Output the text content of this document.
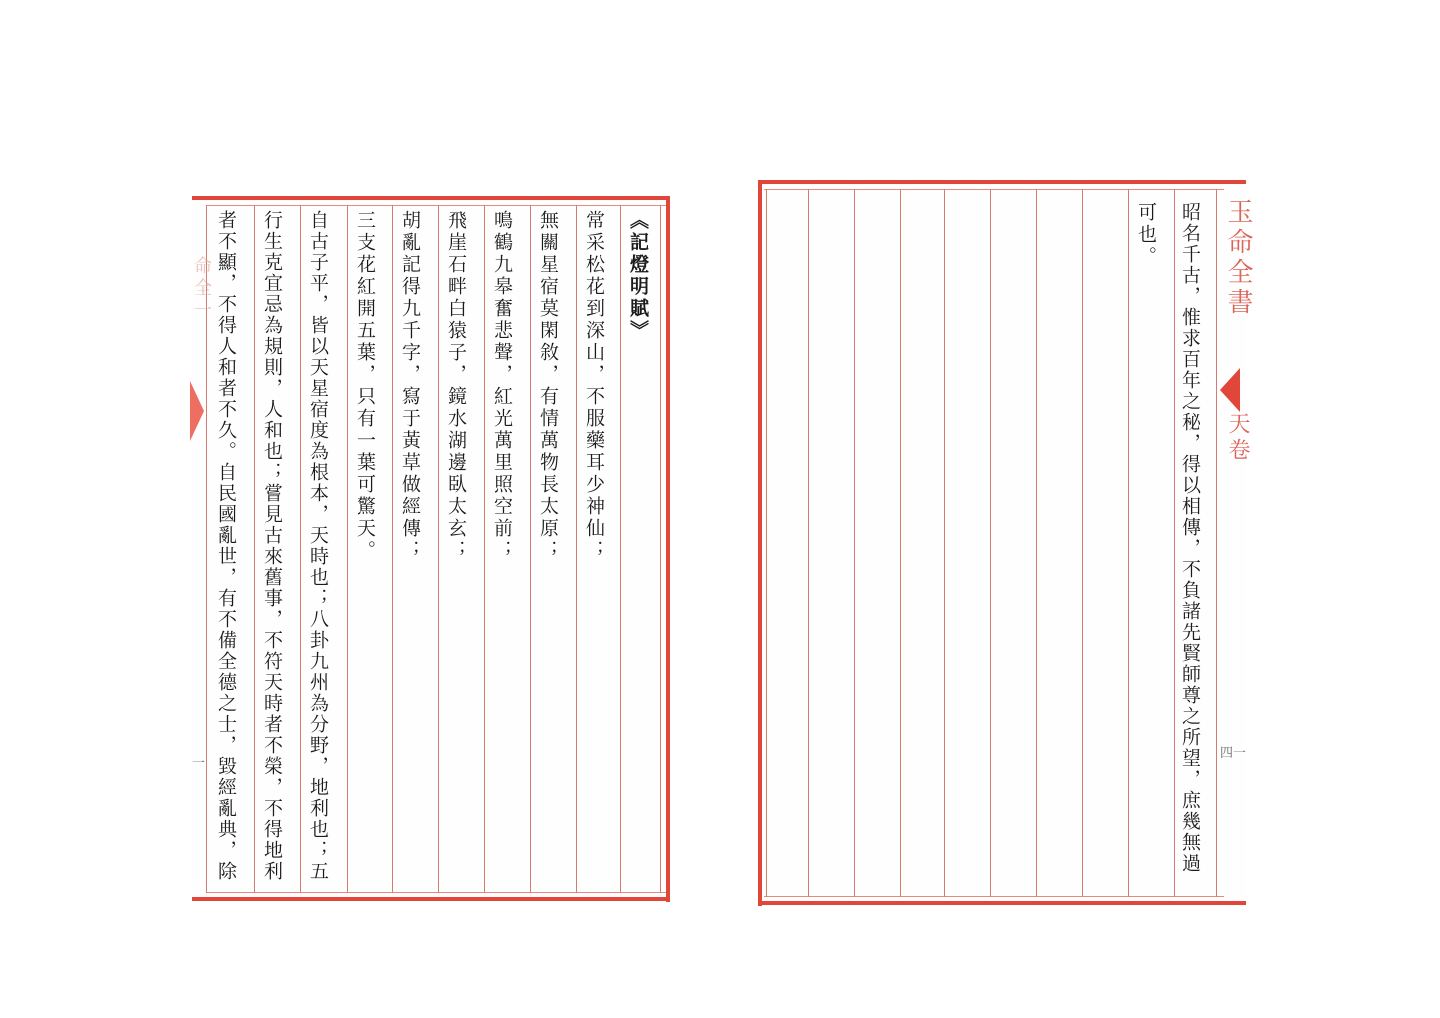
命全一
一
《記燈明賦》
常采松花到深山，不服藥耳少神仙；
無關星宿莫閑敘，有情萬物長太原；
鳴鶴九皋奮悲聲，紅光萬里照空前；
飛崖石畔白猿子，鏡水湖邊臥太玄；
胡亂記得九千字，寫于黃草做經傳；
三支花紅開五葉，只有一葉可驚天。
自古子平，皆以天星宿度為根本，天時也；八卦九州為分野，地利也；五
行生克宜忌為規則，人和也；嘗見古來舊事，不符天時者不榮，不得地利
者不顯，不得人和者不久。自民國亂世，有不備全德之士，毀經亂典，除	昭名千古，惟求百年之秘，得以相傳，不負諸先賢師尊之所望，庶幾無過
可也。	玉命全書
天卷
四一
